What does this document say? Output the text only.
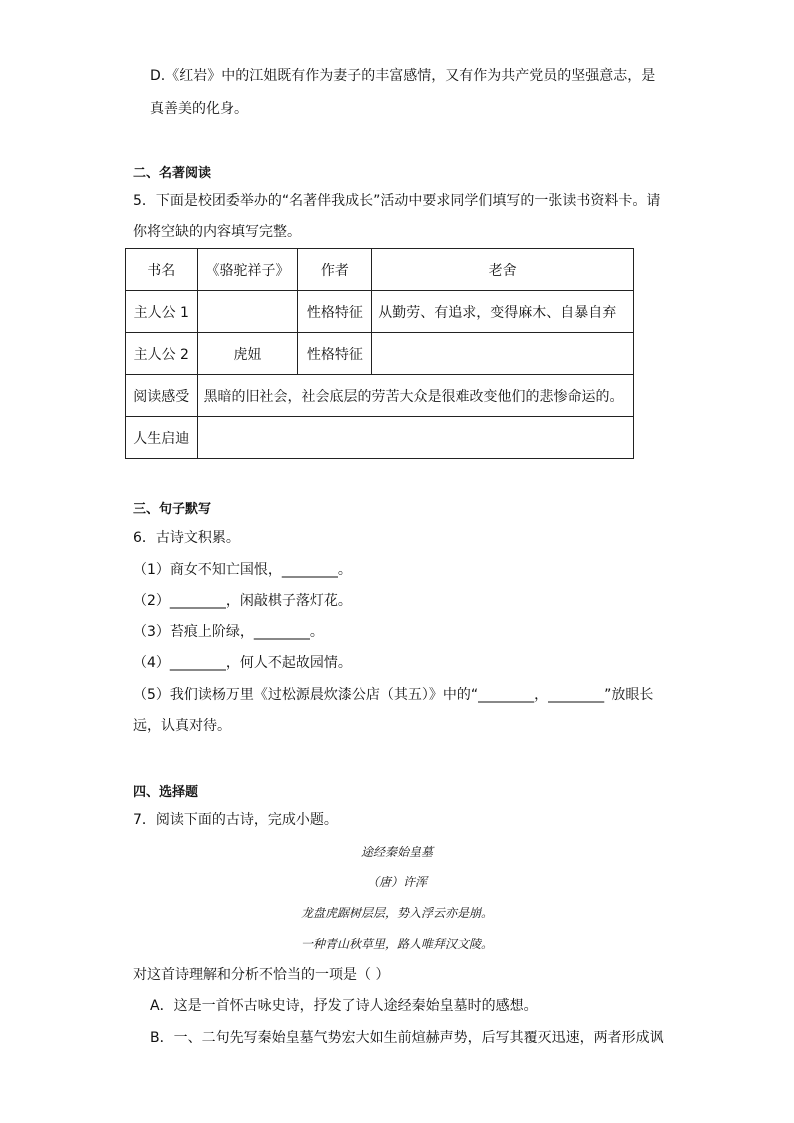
D.《红岩》中的江姐既有作为妻子的丰富感情，又有作为共产党员的坚强意志，是
真善美的化身。
二、名著阅读
5．下面是校团委举办的“名著伴我成长”活动中要求同学们填写的一张读书资料卡。请
你将空缺的内容填写完整。
书名	《骆驼祥子》	作者	老舍
主人公 1		性格特征	从勤劳、有追求，变得麻木、自暴自弃
主人公 2	虎妞	性格特征	
阅读感受	黑暗的旧社会，社会底层的劳苦大众是很难改变他们的悲惨命运的。		
人生启迪			
三、句子默写
6．古诗文积累。
（1）商女不知亡国恨，________。
（2）________，闲敲棋子落灯花。
（3）苔痕上阶绿，________。
（4）________，何人不起故园情。
（5）我们读杨万里《过松源晨炊漆公店（其五）》中的“________，________”放眼长
远，认真对待。
四、选择题
7．阅读下面的古诗，完成小题。
途经秦始皇墓
（唐）许浑
龙盘虎踞树层层，势入浮云亦是崩。
一种青山秋草里，路人唯拜汉文陵。
对这首诗理解和分析不恰当的一项是（ ）
A．这是一首怀古咏史诗，抒发了诗人途经秦始皇墓时的感想。
B．一、二句先写秦始皇墓气势宏大如生前煊赫声势，后写其覆灭迅速，两者形成讽
